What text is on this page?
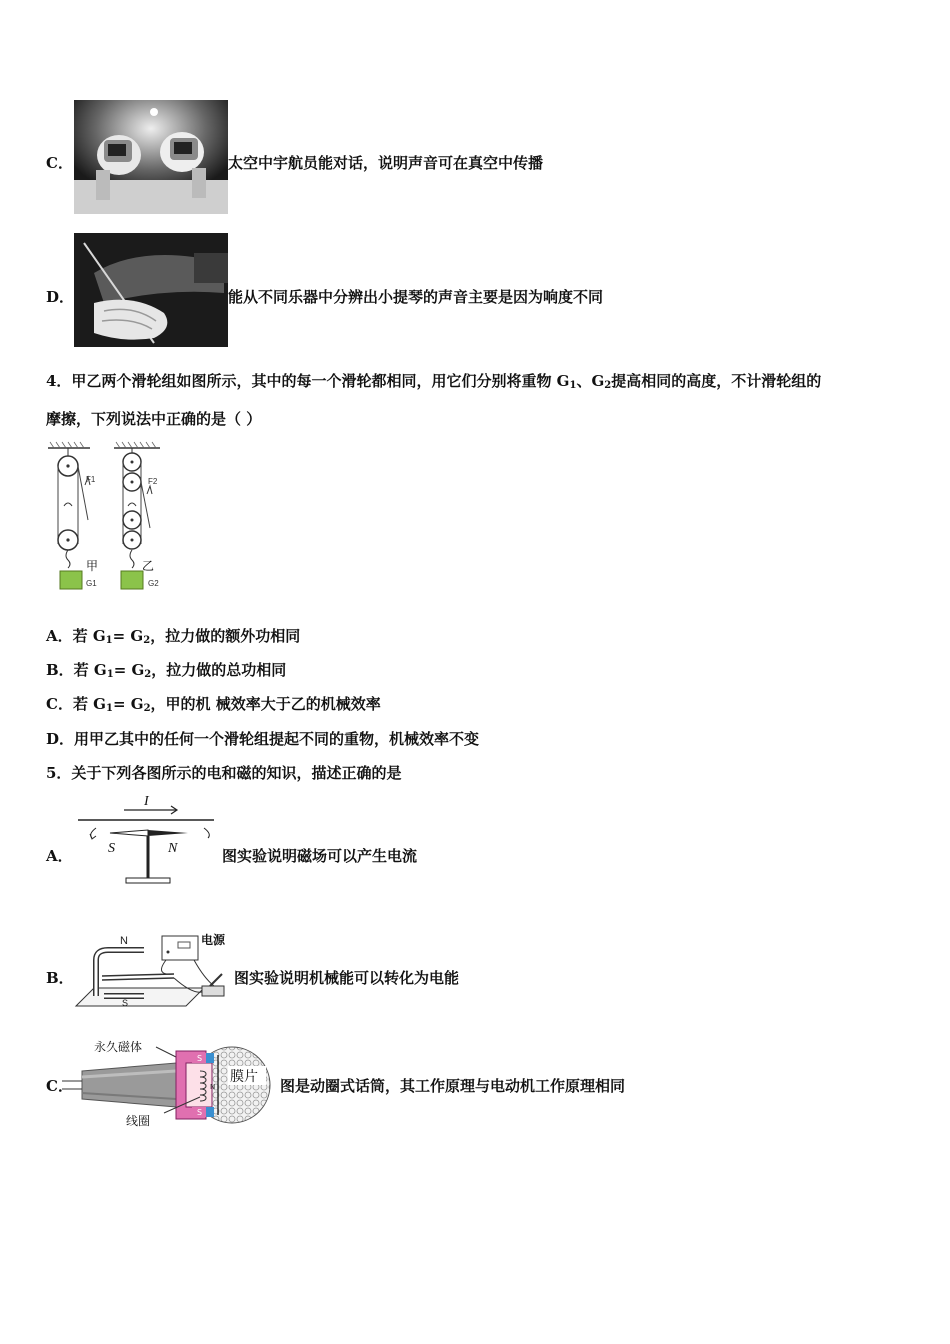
C．	太空中宇航员能对话，说明声音可在真空中传播
D．	能从不同乐器中分辨出小提琴的声音主要是因为响度不同
4．甲乙两个滑轮组如图所示，其中的每一个滑轮都相同，用它们分别将重物 $G_1$、$G_2$提高相同的高度，不计滑轮组的
摩擦，下列说法中正确的是（ ）
F1
甲
G1
F2
乙
G2
A．若 $G_1= G_2$，拉力做的额外功相同
B．若 $G_1= G_2$，拉力做的总功相同
C．若 $G_1= G_2$，甲的机 械效率大于乙的机械效率
D．用甲乙其中的任何一个滑轮组提起不同的重物，机械效率不变
5．关于下列各图所示的电和磁的知识，描述正确的是
A．
I
S	N	图实验说明磁场可以产生电流
B．
N
S
电源
图实验说明机械能可以转化为电能
C．
永久磁体
S
S
N
膜片
线圈
图是动圈式话筒，其工作原理与电动机工作原理相同
